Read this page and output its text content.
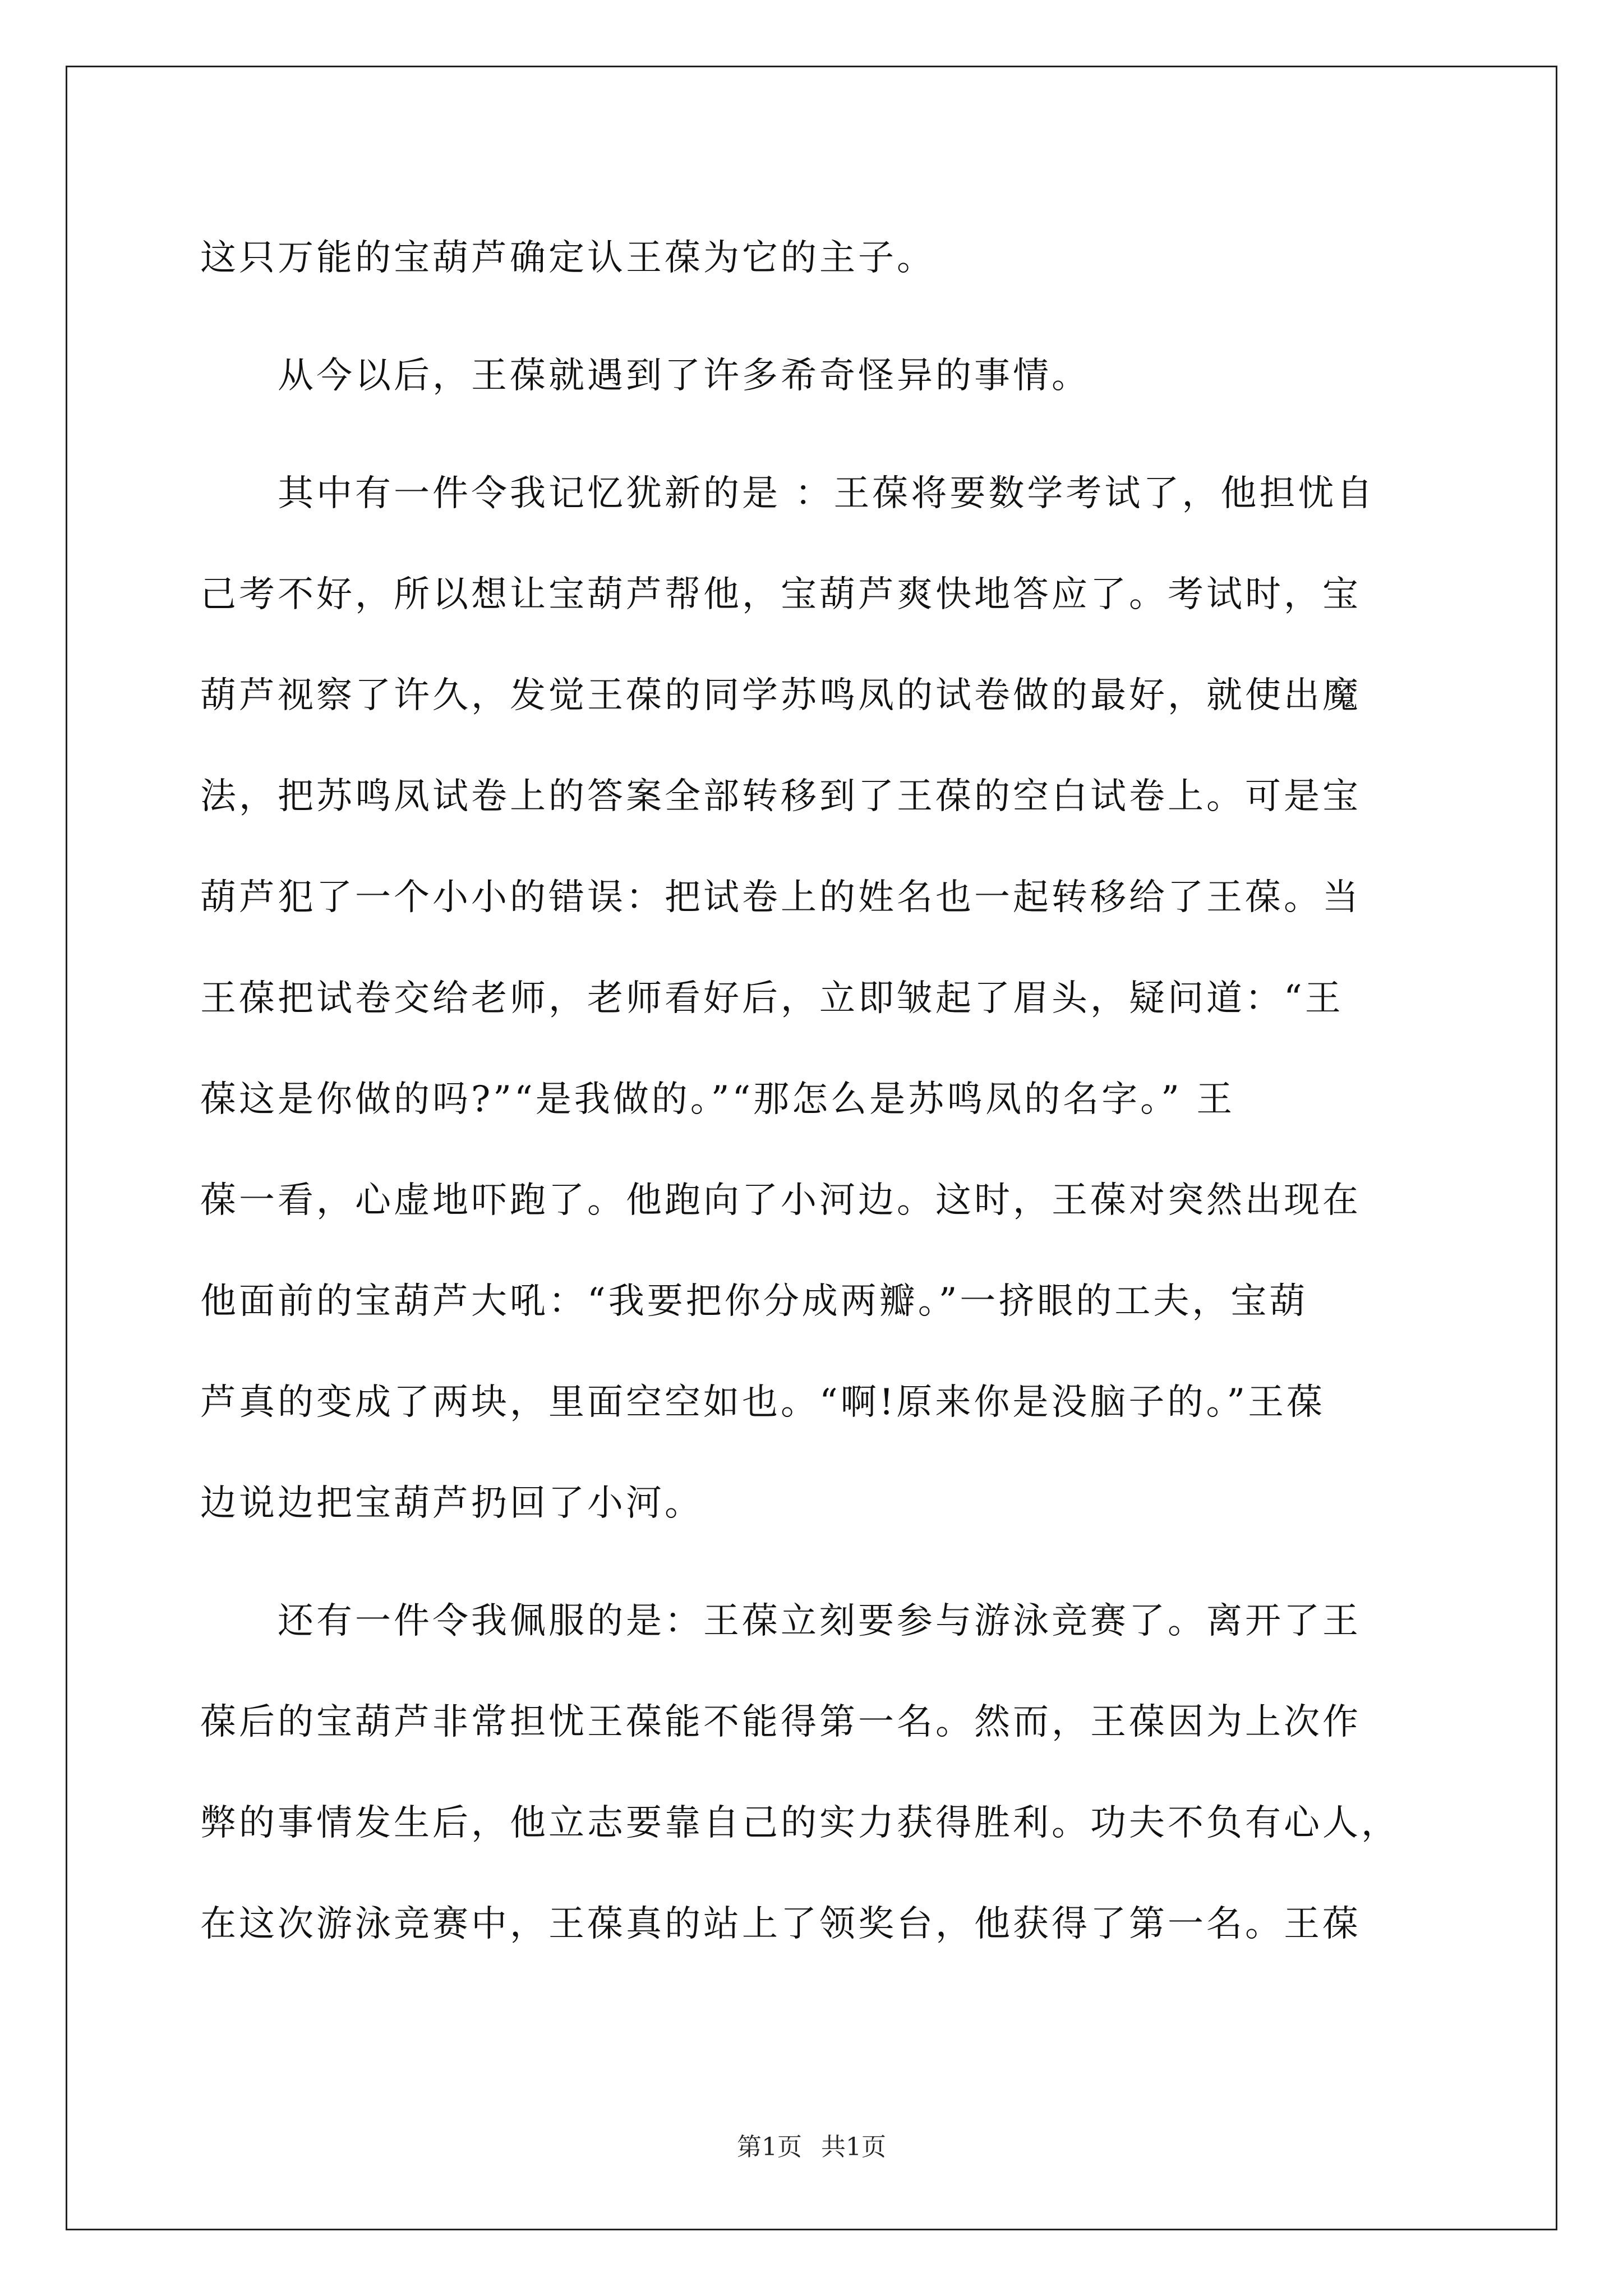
这只万能的宝葫芦确定认王葆为它的主子。
　　从今以后，王葆就遇到了许多希奇怪异的事情。
　　其中有一件令我记忆犹新的是 ：王葆将要数学考试了，他担忧自
己考不好，所以想让宝葫芦帮他，宝葫芦爽快地答应了。考试时，宝
葫芦视察了许久，发觉王葆的同学苏鸣凤的试卷做的最好，就使出魔
法，把苏鸣凤试卷上的答案全部转移到了王葆的空白试卷上。可是宝
葫芦犯了一个小小的错误：把试卷上的姓名也一起转移给了王葆。当
王葆把试卷交给老师，老师看好后，立即皱起了眉头，疑问道：“王
葆这是你做的吗?”“是我做的。”“那怎么是苏鸣凤的名字。” 王
葆一看，心虚地吓跑了。他跑向了小河边。这时，王葆对突然出现在
他面前的宝葫芦大吼：“我要把你分成两瓣。”一挤眼的工夫，宝葫
芦真的变成了两块，里面空空如也。“啊!原来你是没脑子的。”王葆
边说边把宝葫芦扔回了小河。
　　还有一件令我佩服的是：王葆立刻要参与游泳竞赛了。离开了王
葆后的宝葫芦非常担忧王葆能不能得第一名。然而，王葆因为上次作
弊的事情发生后，他立志要靠自己的实力获得胜利。功夫不负有心人，
在这次游泳竞赛中，王葆真的站上了领奖台，他获得了第一名。王葆
第1页 共1页
